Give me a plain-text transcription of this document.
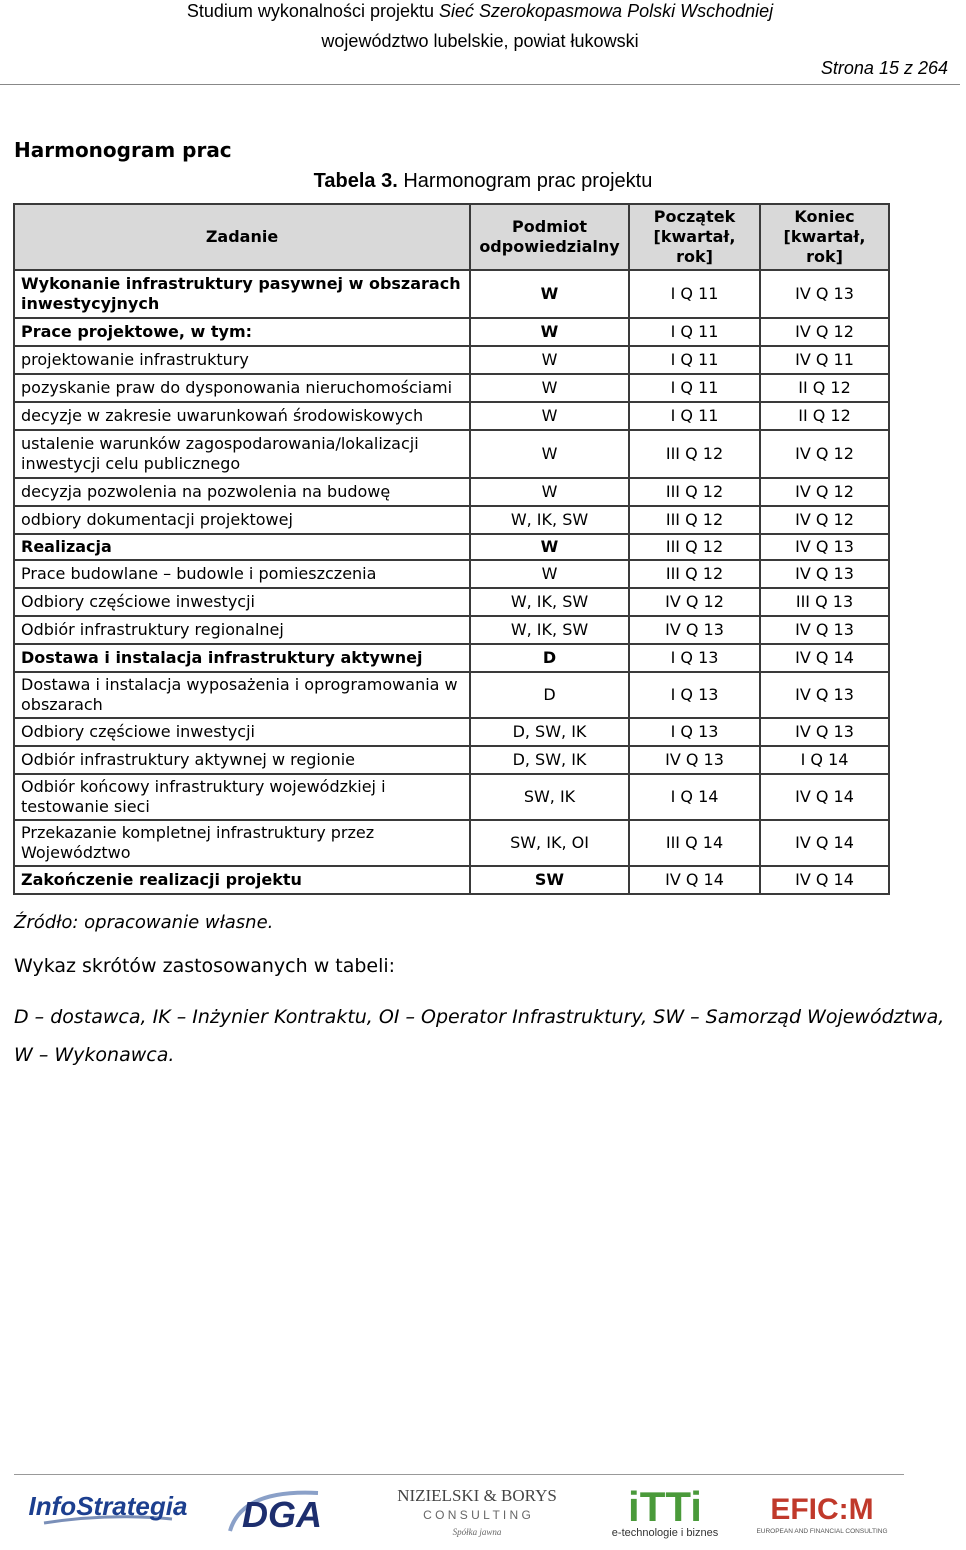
Studium wykonalności projektu Sieć Szerokopasmowa Polski Wschodniej
województwo lubelskie, powiat łukowski
Strona 15 z 264
Harmonogram prac
Tabela 3. Harmonogram prac projektu
Zadanie	Podmiot odpowiedzialny	Początek [kwartał, rok]	Koniec [kwartał, rok]
Wykonanie infrastruktury pasywnej w obszarach inwestycyjnych	W	I Q 11	IV Q 13
Prace projektowe, w tym:	W	I Q 11	IV Q 12
projektowanie infrastruktury	W	I Q 11	IV Q 11
pozyskanie praw do dysponowania nieruchomościami	W	I Q 11	II Q 12
decyzje w zakresie uwarunkowań środowiskowych	W	I Q 11	II Q 12
ustalenie warunków zagospodarowania/lokalizacji inwestycji celu publicznego	W	III Q 12	IV Q 12
decyzja pozwolenia na pozwolenia na budowę	W	III Q 12	IV Q 12
odbiory dokumentacji projektowej	W, IK, SW	III Q 12	IV Q 12
Realizacja	W	III Q 12	IV Q 13
Prace budowlane – budowle i pomieszczenia	W	III Q 12	IV Q 13
Odbiory częściowe inwestycji	W, IK, SW	IV Q 12	III Q 13
Odbiór infrastruktury regionalnej	W, IK, SW	IV Q 13	IV Q 13
Dostawa i instalacja infrastruktury aktywnej	D	I Q 13	IV Q 14
Dostawa i instalacja wyposażenia i oprogramowania w obszarach	D	I Q 13	IV Q 13
Odbiory częściowe inwestycji	D, SW, IK	I Q 13	IV Q 13
Odbiór infrastruktury aktywnej w regionie	D, SW, IK	IV Q 13	I Q 14
Odbiór końcowy infrastruktury wojewódzkiej i testowanie sieci	SW, IK	I Q 14	IV Q 14
Przekazanie kompletnej infrastruktury przez Województwo	SW, IK, OI	III Q 14	IV Q 14
Zakończenie realizacji projektu	SW	IV Q 14	IV Q 14
Źródło: opracowanie własne.
Wykaz skrótów zastosowanych w tabeli:
D – dostawca, IK – Inżynier Kontraktu, OI – Operator Infrastruktury, SW – Samorząd Województwa, W – Wykonawca.
InfoStrategia DGA	NIZIELSKI & BORYS
C O N S U L T I N G
Spółka jawna
iTTi
e-technologie i biznes
EFIC:M
EUROPEAN AND FINANCIAL CONSULTING
